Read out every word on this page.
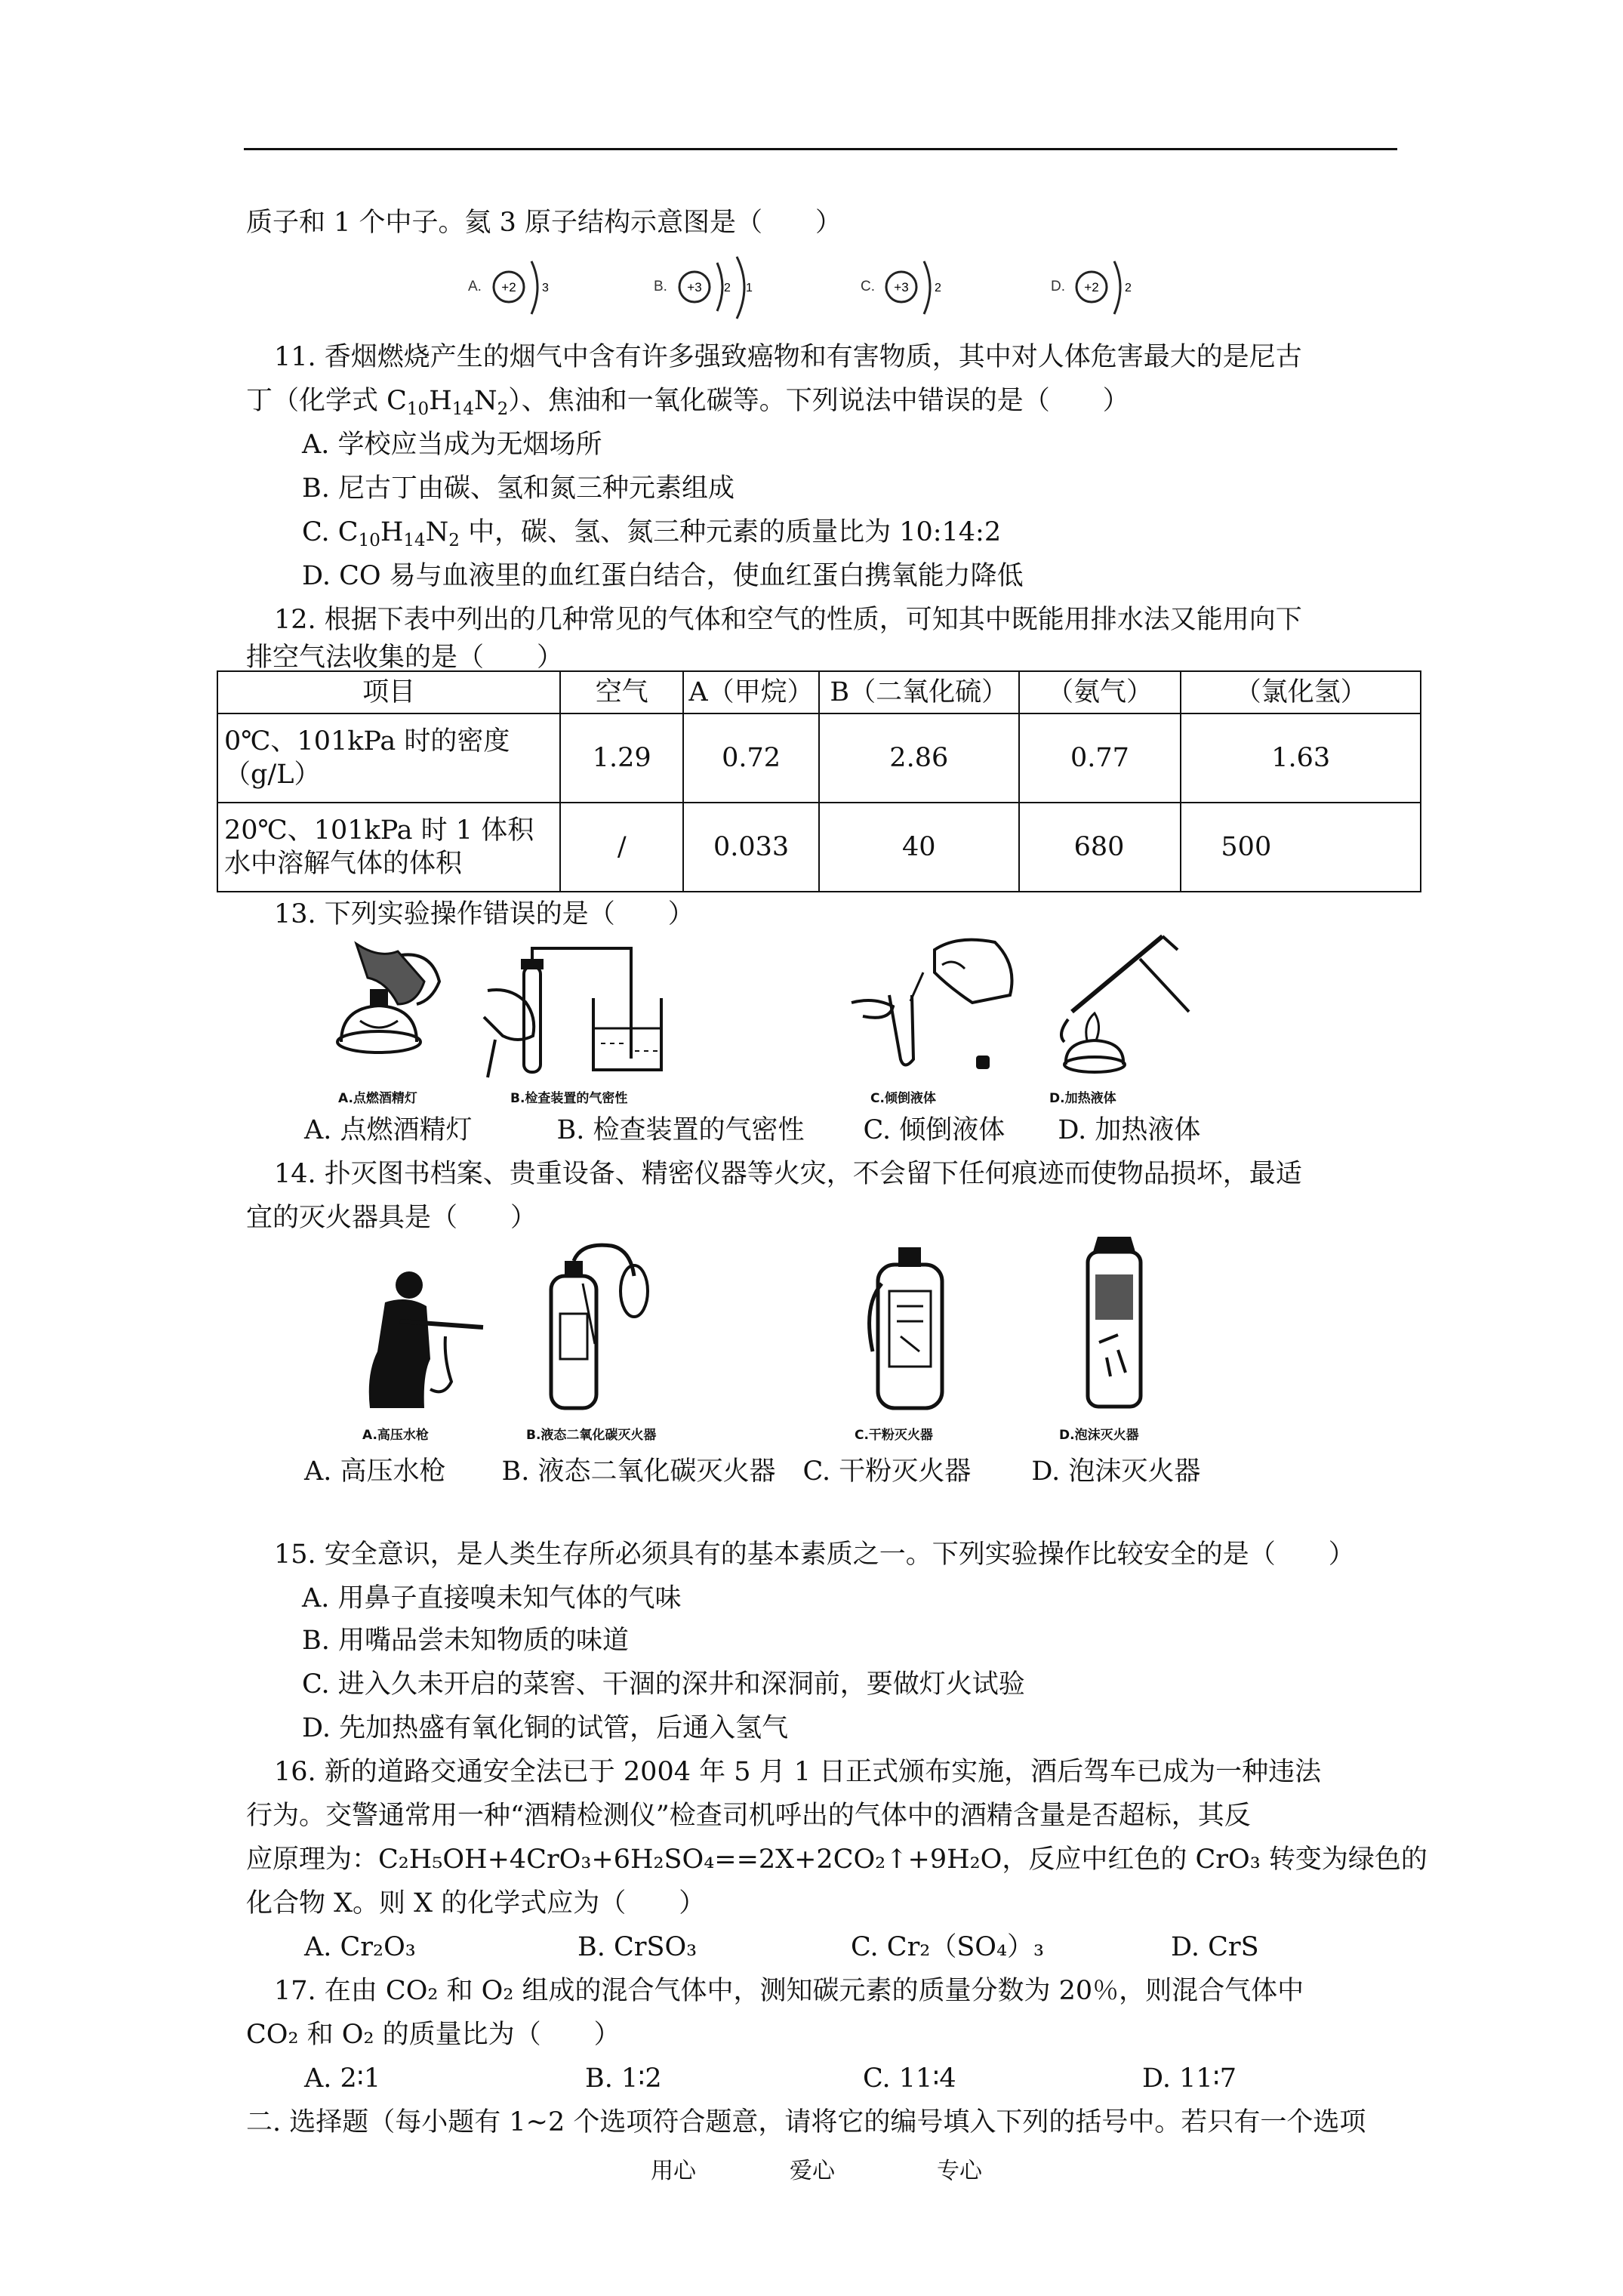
质子和 1 个中子。氦 3 原子结构示意图是（　　）
A. +2 3	B. +3 2 1	C. +3 2	D. +2 2
11. 香烟燃烧产生的烟气中含有许多强致癌物和有害物质，其中对人体危害最大的是尼古
丁（化学式 $C_{10}H_{14}N_2$）、焦油和一氧化碳等。下列说法中错误的是（　　）
A. 学校应当成为无烟场所
B. 尼古丁由碳、氢和氮三种元素组成
C. $C_{10}H_{14}N_2$ 中，碳、氢、氮三种元素的质量比为 10:14:2
D. CO 易与血液里的血红蛋白结合，使血红蛋白携氧能力降低
12. 根据下表中列出的几种常见的气体和空气的性质，可知其中既能用排水法又能用向下
排空气法收集的是（　　）
项目	空气	A（甲烷）	B（二氧化硫）	（氨气）	（氯化氢）

0℃、101kPa 时的密度
（g/L）	1.29	0.72	2.86	0.77	1.63

20℃、101kPa 时 1 体积
水中溶解气体的体积	/	0.033	40	680	500
13. 下列实验操作错误的是（　　）
A.点燃酒精灯	B.检查装置的气密性	C.倾倒液体	D.加热液体
A. 点燃酒精灯	B. 检查装置的气密性 C. 倾倒液体 D. 加热液体
14. 扑灭图书档案、贵重设备、精密仪器等火灾，不会留下任何痕迹而使物品损坏，最适
宜的灭火器具是（　　）
A.高压水枪	B.液态二氧化碳灭火器	C.干粉灭火器	D.泡沫灭火器
A. 高压水枪 B. 液态二氧化碳灭火器 C. 干粉灭火器 D. 泡沫灭火器
15. 安全意识，是人类生存所必须具有的基本素质之一。下列实验操作比较安全的是（　　）
A. 用鼻子直接嗅未知气体的气味
B. 用嘴品尝未知物质的味道
C. 进入久未开启的菜窖、干涸的深井和深洞前，要做灯火试验
D. 先加热盛有氧化铜的试管，后通入氢气
16. 新的道路交通安全法已于 2004 年 5 月 1 日正式颁布实施，酒后驾车已成为一种违法
行为。交警通常用一种“酒精检测仪”检查司机呼出的气体中的酒精含量是否超标，其反
应原理为：C₂H₅OH+4CrO₃+6H₂SO₄==2X+2CO₂↑+9H₂O，反应中红色的 CrO₃ 转变为绿色的
化合物 X。则 X 的化学式应为（　　）
A. Cr₂O₃	B. CrSO₃	C. Cr₂（SO₄）₃	D. CrS
17. 在由 CO₂ 和 O₂ 组成的混合气体中，测知碳元素的质量分数为 20％，则混合气体中
CO₂ 和 O₂ 的质量比为（　　）
A. 2∶1	B. 1∶2	C. 11∶4	D. 11∶7
二. 选择题（每小题有 1~2 个选项符合题意，请将它的编号填入下列的括号中。若只有一个选项
用心	爱心	专心
